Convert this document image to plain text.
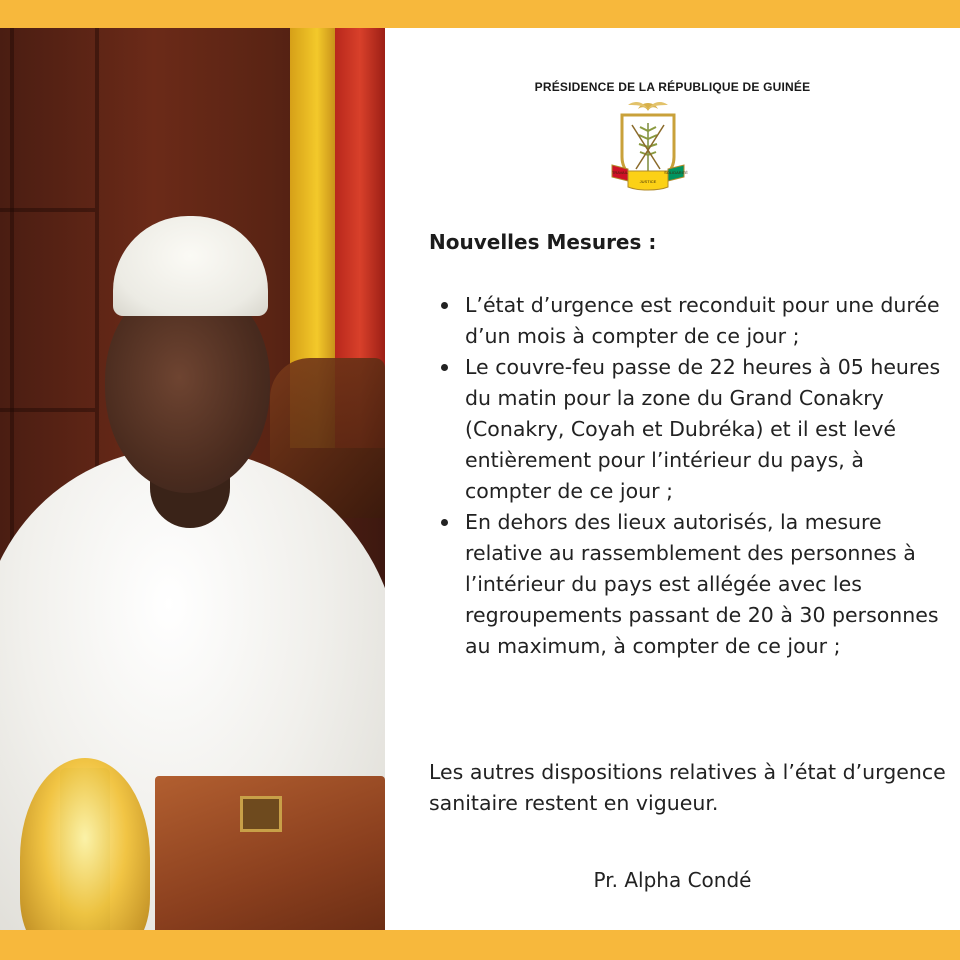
PRÉSIDENCE DE LA RÉPUBLIQUE DE GUINÉE
TRAVAIL
JUSTICE
SOLIDARITÉ
Nouvelles Mesures :
L’état d’urgence est reconduit pour une durée d’un mois à compter de ce jour ;
Le couvre-feu passe de 22 heures à 05 heures du matin pour la zone du Grand Conakry (Conakry, Coyah et Dubréka) et il est levé entièrement pour l’intérieur du pays, à compter de ce jour ;
En dehors des lieux autorisés, la mesure relative au rassemblement des personnes à l’intérieur du pays est allégée avec les regroupements passant de 20 à 30 personnes au maximum, à compter de ce jour ;

Les autres dispositions relatives à l’état d’urgence sanitaire restent en vigueur.

Pr. Alpha Condé
